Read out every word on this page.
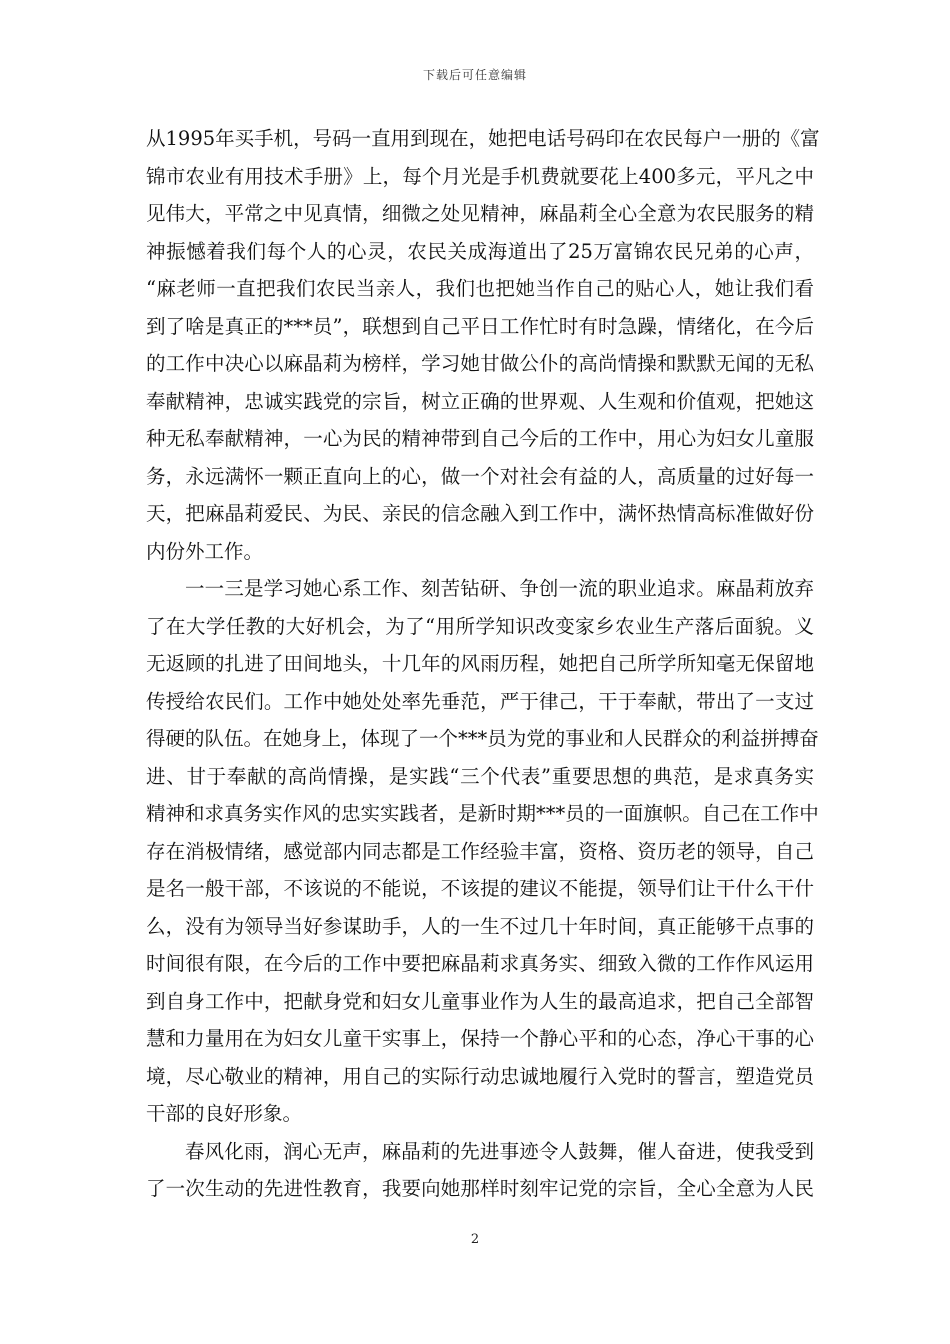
下载后可任意编辑
从1995年买手机，号码一直用到现在，她把电话号码印在农民每户一册的《富
锦市农业有用技术手册》上，每个月光是手机费就要花上400多元，平凡之中
见伟大，平常之中见真情，细微之处见精神，麻晶莉全心全意为农民服务的精
神振憾着我们每个人的心灵，农民关成海道出了25万富锦农民兄弟的心声，
“麻老师一直把我们农民当亲人，我们也把她当作自己的贴心人，她让我们看
到了啥是真正的***员”，联想到自己平日工作忙时有时急躁，情绪化，在今后
的工作中决心以麻晶莉为榜样，学习她甘做公仆的高尚情操和默默无闻的无私
奉献精神，忠诚实践党的宗旨，树立正确的世界观、人生观和价值观，把她这
种无私奉献精神，一心为民的精神带到自己今后的工作中，用心为妇女儿童服
务，永远满怀一颗正直向上的心，做一个对社会有益的人，高质量的过好每一
天，把麻晶莉爱民、为民、亲民的信念融入到工作中，满怀热情高标准做好份
内份外工作。
一一三是学习她心系工作、刻苦钻研、争创一流的职业追求。麻晶莉放弃
了在大学任教的大好机会，为了“用所学知识改变家乡农业生产落后面貌。义
无返顾的扎进了田间地头，十几年的风雨历程，她把自己所学所知毫无保留地
传授给农民们。工作中她处处率先垂范，严于律己，干于奉献，带出了一支过
得硬的队伍。在她身上，体现了一个***员为党的事业和人民群众的利益拼搏奋
进、甘于奉献的高尚情操，是实践“三个代表”重要思想的典范，是求真务实
精神和求真务实作风的忠实实践者，是新时期***员的一面旗帜。自己在工作中
存在消极情绪，感觉部内同志都是工作经验丰富，资格、资历老的领导，自己
是名一般干部，不该说的不能说，不该提的建议不能提，领导们让干什么干什
么，没有为领导当好参谋助手，人的一生不过几十年时间，真正能够干点事的
时间很有限，在今后的工作中要把麻晶莉求真务实、细致入微的工作作风运用
到自身工作中，把献身党和妇女儿童事业作为人生的最高追求，把自己全部智
慧和力量用在为妇女儿童干实事上，保持一个静心平和的心态，净心干事的心
境，尽心敬业的精神，用自己的实际行动忠诚地履行入党时的誓言，塑造党员
干部的良好形象。
春风化雨，润心无声，麻晶莉的先进事迹令人鼓舞，催人奋进，使我受到
了一次生动的先进性教育，我要向她那样时刻牢记党的宗旨，全心全意为人民
2
